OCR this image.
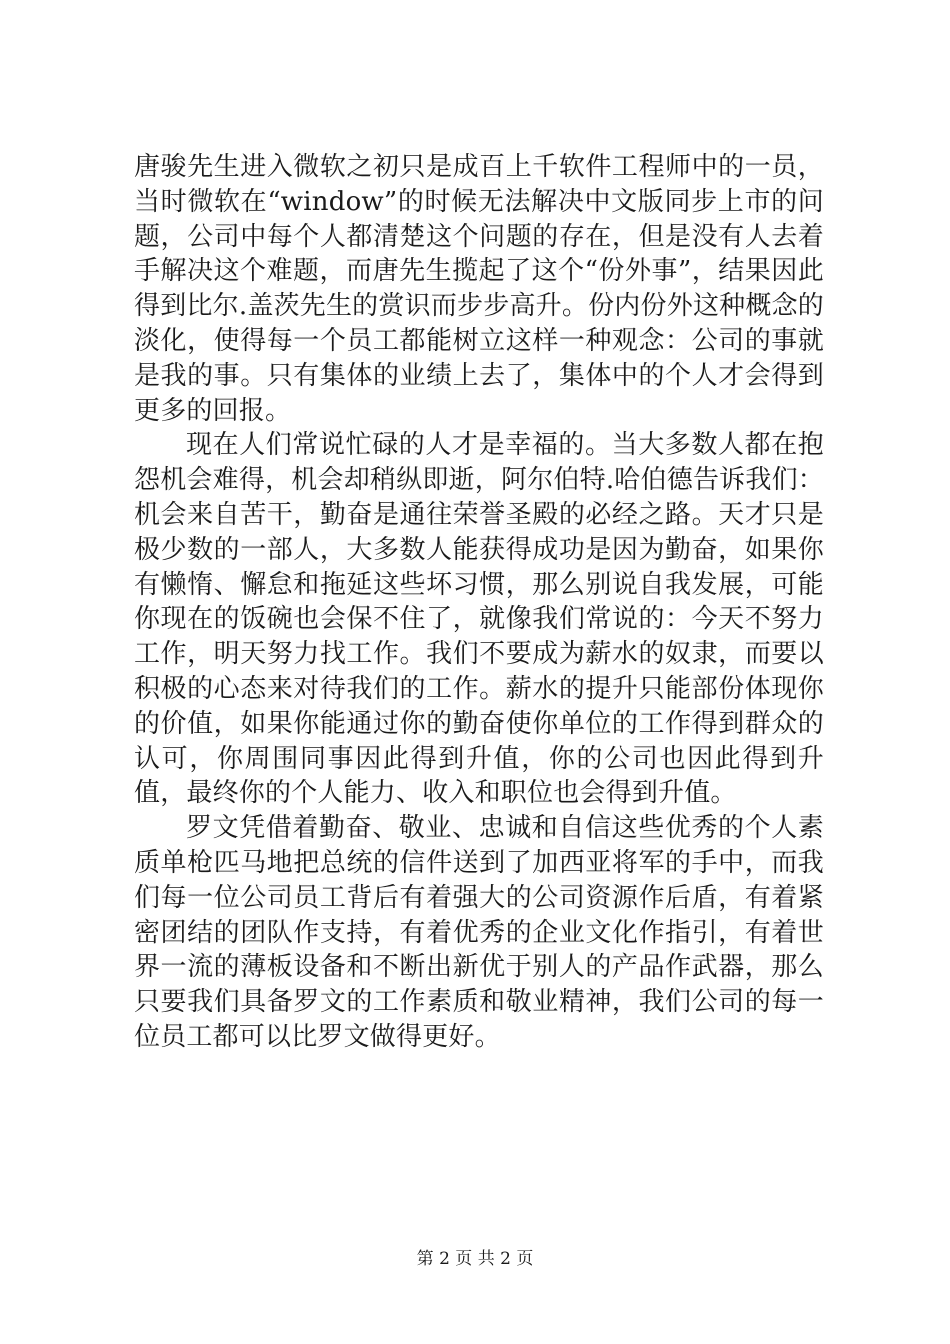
唐骏先生进入微软之初只是成百上千软件工程师中的一员，当时微软在“window”的时候无法解决中文版同步上市的问题，公司中每个人都清楚这个问题的存在，但是没有人去着手解决这个难题，而唐先生揽起了这个“份外事”，结果因此得到比尔.盖茨先生的赏识而步步高升。份内份外这种概念的淡化，使得每一个员工都能树立这样一种观念：公司的事就是我的事。只有集体的业绩上去了，集体中的个人才会得到更多的回报。

现在人们常说忙碌的人才是幸福的。当大多数人都在抱怨机会难得，机会却稍纵即逝，阿尔伯特.哈伯德告诉我们：机会来自苦干，勤奋是通往荣誉圣殿的必经之路。天才只是极少数的一部人，大多数人能获得成功是因为勤奋，如果你有懒惰、懈怠和拖延这些坏习惯，那么别说自我发展，可能你现在的饭碗也会保不住了，就像我们常说的：今天不努力工作，明天努力找工作。我们不要成为薪水的奴隶，而要以积极的心态来对待我们的工作。薪水的提升只能部份体现你的价值，如果你能通过你的勤奋使你单位的工作得到群众的认可，你周围同事因此得到升值，你的公司也因此得到升值，最终你的个人能力、收入和职位也会得到升值。

罗文凭借着勤奋、敬业、忠诚和自信这些优秀的个人素质单枪匹马地把总统的信件送到了加西亚将军的手中，而我们每一位公司员工背后有着强大的公司资源作后盾，有着紧密团结的团队作支持，有着优秀的企业文化作指引，有着世界一流的薄板设备和不断出新优于别人的产品作武器，那么只要我们具备罗文的工作素质和敬业精神，我们公司的每一位员工都可以比罗文做得更好。

第 2 页 共 2 页
